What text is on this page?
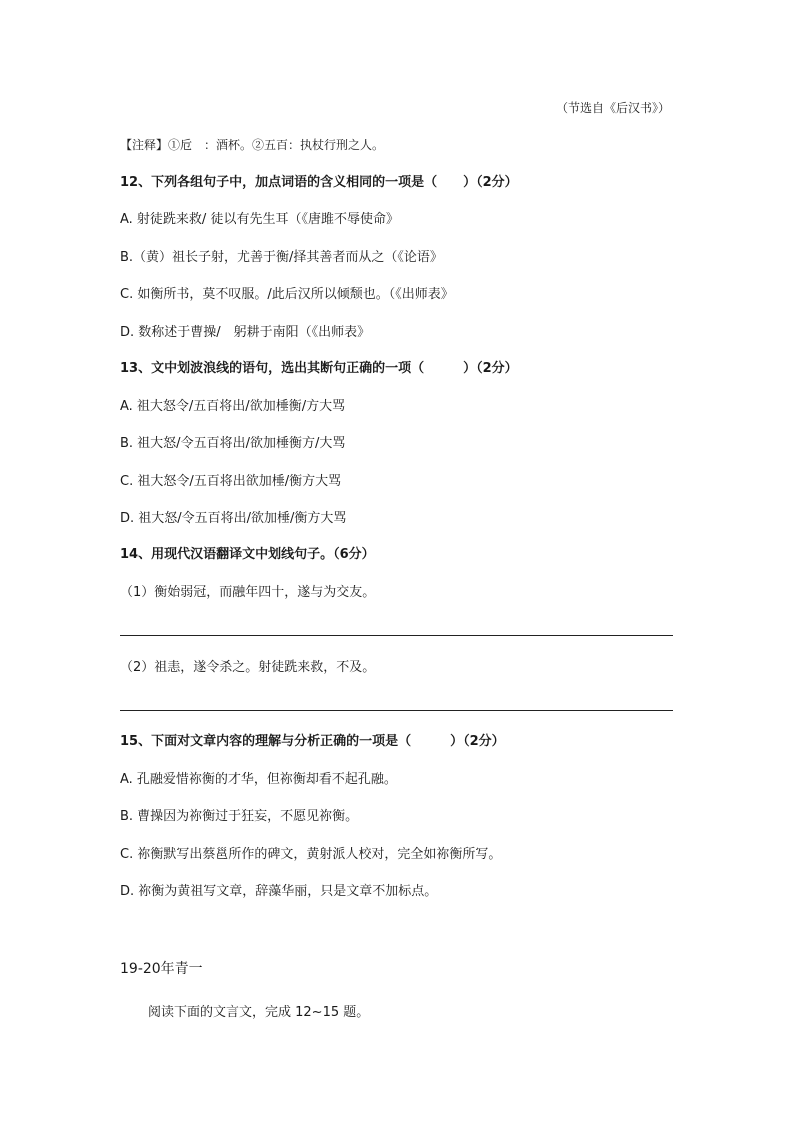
（节选自《后汉书》）
【注释】①卮　：酒杯。②五百：执杖行刑之人。
12、下列各组句子中，加点词语的含义相同的一项是（　　）（2分）
A. 射徒跣来救/ 徒以有先生耳（《唐雎不辱使命》
B.（黄）祖长子射，尤善于衡/择其善者而从之（《论语》
C. 如衡所书，莫不叹服。/此后汉所以倾颓也。（《出师表》
D. 数称述于曹操/　躬耕于南阳（《出师表》
13、文中划波浪线的语句，选出其断句正确的一项（　　　）（2分）
A. 祖大怒令/五百将出/欲加棰衡/方大骂
B. 祖大怒/令五百将出/欲加棰衡方/大骂
C. 祖大怒令/五百将出欲加棰/衡方大骂
D. 祖大怒/令五百将出/欲加棰/衡方大骂
14、用现代汉语翻译文中划线句子。（6分）
（1）衡始弱冠，而融年四十，遂与为交友。
（2）祖恚，遂令杀之。射徒跣来救，不及。
15、下面对文章内容的理解与分析正确的一项是（　　　）（2分）
A. 孔融爱惜祢衡的才华，但祢衡却看不起孔融。
B. 曹操因为祢衡过于狂妄，不愿见祢衡。
C. 祢衡默写出蔡邕所作的碑文，黄射派人校对，完全如祢衡所写。
D. 祢衡为黄祖写文章，辞藻华丽，只是文章不加标点。
19-20年青一
阅读下面的文言文，完成 12~15 题。
